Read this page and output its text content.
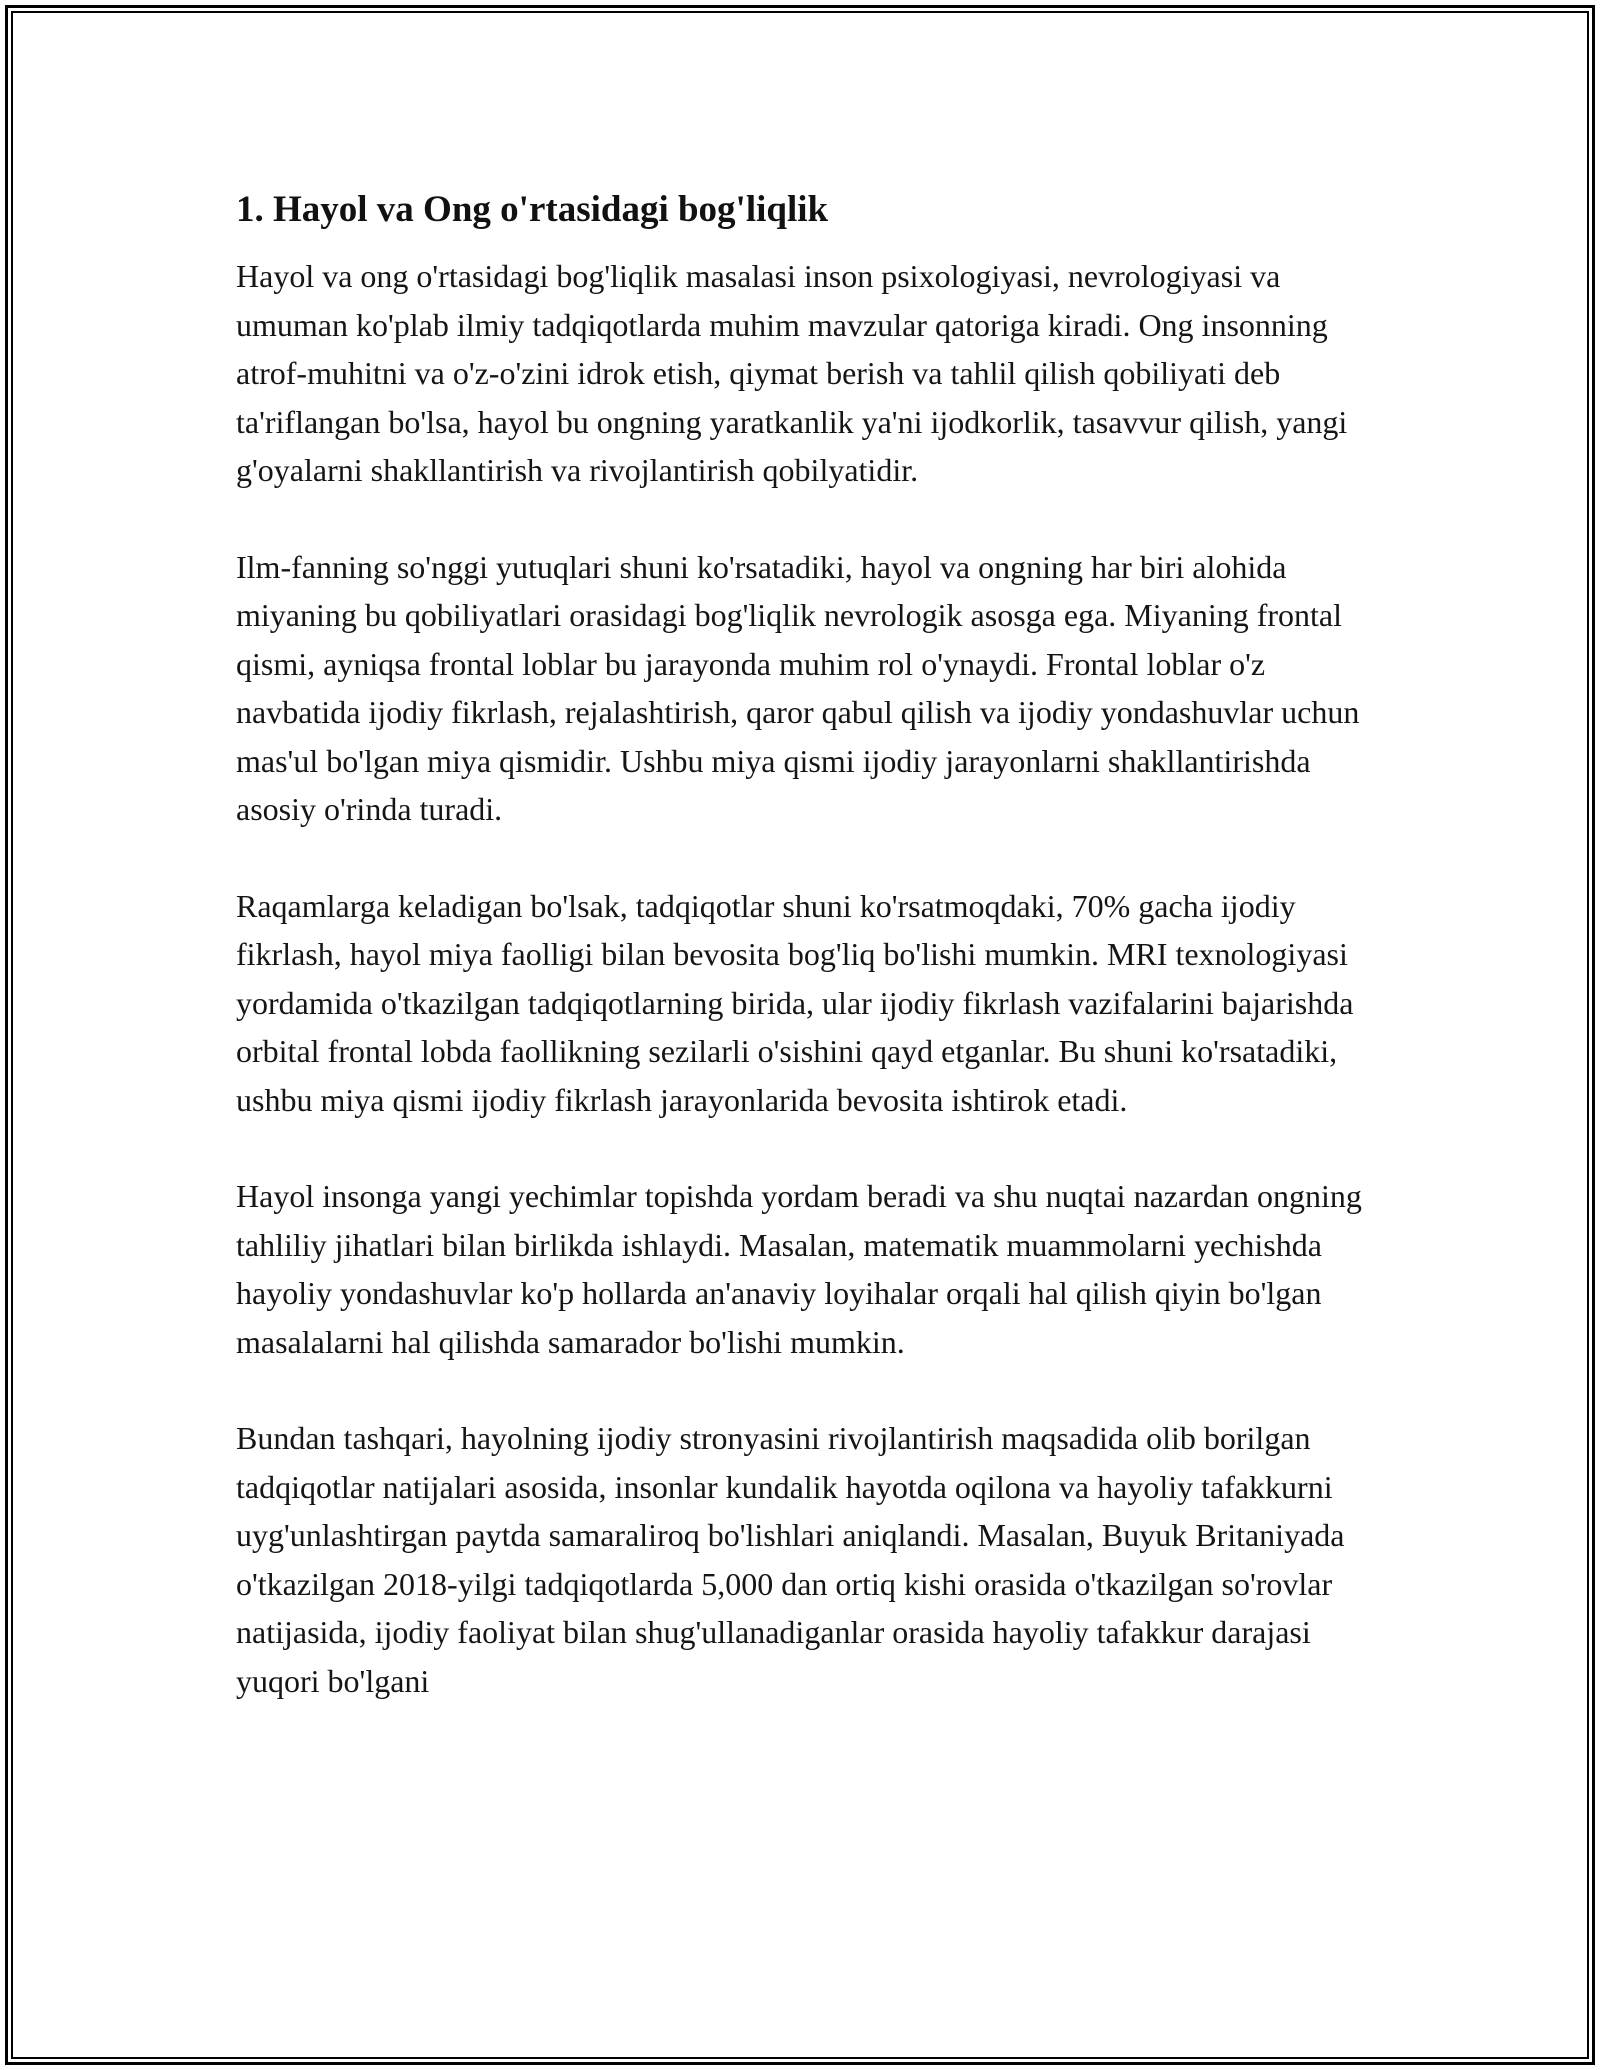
1. Hayol va Ong o'rtasidagi bog'liqlik

Hayol va ong o'rtasidagi bog'liqlik masalasi inson psixologiyasi, nevrologiyasi va umuman ko'plab ilmiy tadqiqotlarda muhim mavzular qatoriga kiradi. Ong insonning atrof-muhitni va o'z-o'zini idrok etish, qiymat berish va tahlil qilish qobiliyati deb ta'riflangan bo'lsa, hayol bu ongning yaratkanlik ya'ni ijodkorlik, tasavvur qilish, yangi g'oyalarni shakllantirish va rivojlantirish qobilyatidir.

Ilm-fanning so'nggi yutuqlari shuni ko'rsatadiki, hayol va ongning har biri alohida miyaning bu qobiliyatlari orasidagi bog'liqlik nevrologik asosga ega. Miyaning frontal qismi, ayniqsa frontal loblar bu jarayonda muhim rol o'ynaydi. Frontal loblar o'z navbatida ijodiy fikrlash, rejalashtirish, qaror qabul qilish va ijodiy yondashuvlar uchun mas'ul bo'lgan miya qismidir. Ushbu miya qismi ijodiy jarayonlarni shakllantirishda asosiy o'rinda turadi.

Raqamlarga keladigan bo'lsak, tadqiqotlar shuni ko'rsatmoqdaki, 70% gacha ijodiy fikrlash, hayol miya faolligi bilan bevosita bog'liq bo'lishi mumkin. MRI texnologiyasi yordamida o'tkazilgan tadqiqotlarning birida, ular ijodiy fikrlash vazifalarini bajarishda orbital frontal lobda faollikning sezilarli o'sishini qayd etganlar. Bu shuni ko'rsatadiki, ushbu miya qismi ijodiy fikrlash jarayonlarida bevosita ishtirok etadi.

Hayol insonga yangi yechimlar topishda yordam beradi va shu nuqtai nazardan ongning tahliliy jihatlari bilan birlikda ishlaydi. Masalan, matematik muammolarni yechishda hayoliy yondashuvlar ko'p hollarda an'anaviy loyihalar orqali hal qilish qiyin bo'lgan masalalarni hal qilishda samarador bo'lishi mumkin.

Bundan tashqari, hayolning ijodiy stronyasini rivojlantirish maqsadida olib borilgan tadqiqotlar natijalari asosida, insonlar kundalik hayotda oqilona va hayoliy tafakkurni uyg'unlashtirgan paytda samaraliroq bo'lishlari aniqlandi. Masalan, Buyuk Britaniyada o'tkazilgan 2018-yilgi tadqiqotlarda 5,000 dan ortiq kishi orasida o'tkazilgan so'rovlar natijasida, ijodiy faoliyat bilan shug'ullanadiganlar orasida hayoliy tafakkur darajasi yuqori bo'lgani
